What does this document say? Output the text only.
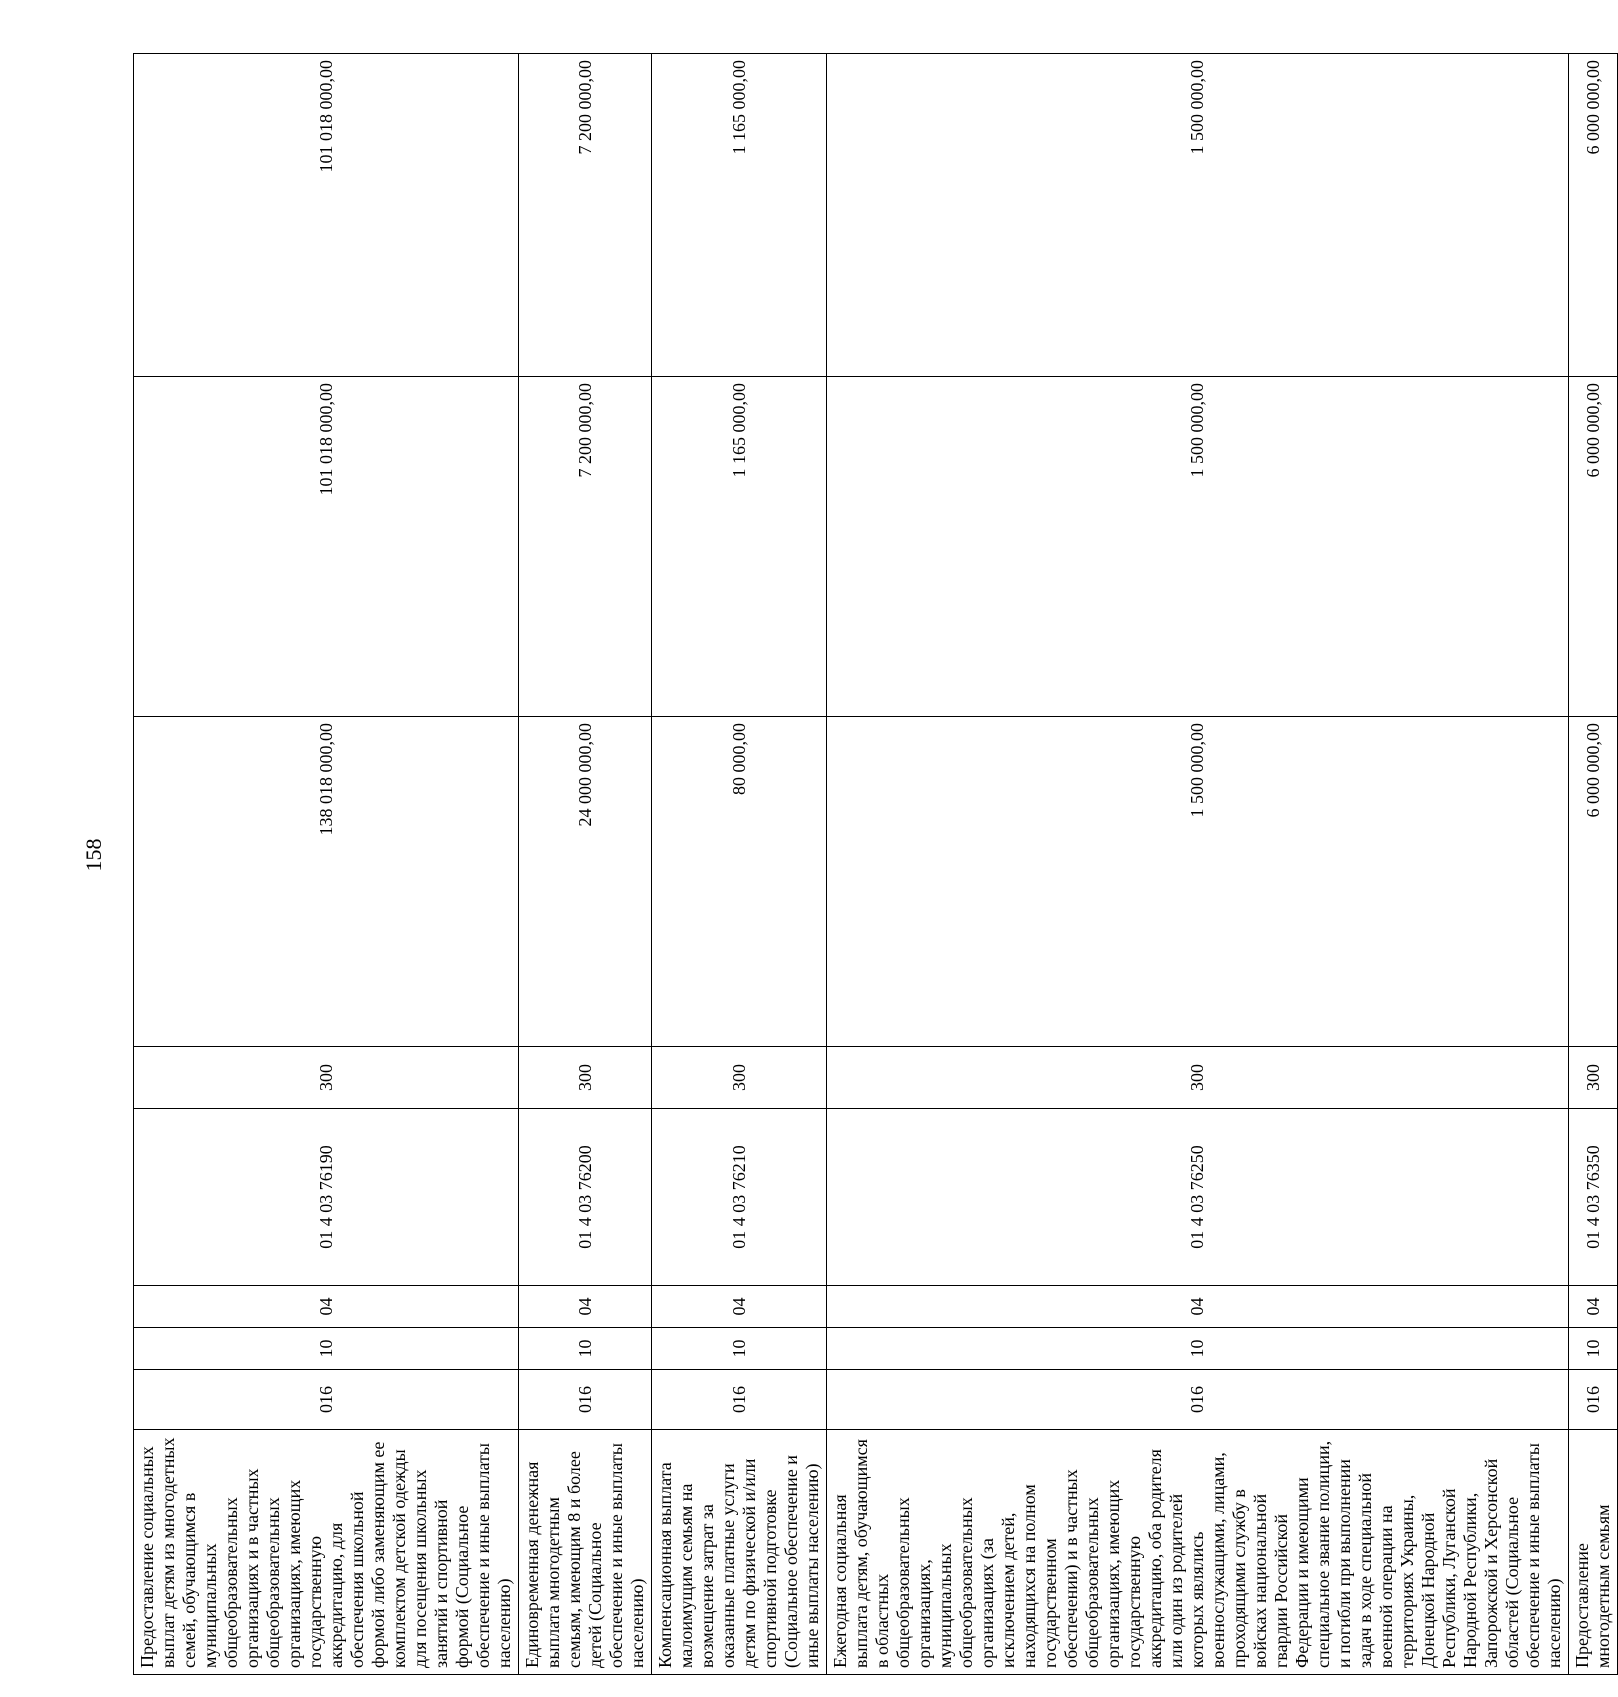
158
Предоставление социальных выплат детям из многодетных семей, обучающимся в муниципальных общеобразовательных организациях и в частных общеобразовательных организациях, имеющих государственную аккредитацию, для обеспечения школьной формой либо заменяющим ее комплектом детской одежды для посещения школьных занятий и спортивной формой (Социальное обеспечение и иные выплаты населению)	016	10	04	01 4 03 76190	300	138 018 000,00	101 018 000,00	101 018 000,00
Единовременная денежная выплата многодетным семьям, имеющим 8 и более детей (Социальное обеспечение и иные выплаты населению)	016	10	04	01 4 03 76200	300	24 000 000,00	7 200 000,00	7 200 000,00
Компенсационная выплата малоимущим семьям на возмещение затрат за оказанные платные услуги детям по физической и/или спортивной подготовке (Социальное обеспечение и иные выплаты населению)	016	10	04	01 4 03 76210	300	80 000,00	1 165 000,00	1 165 000,00
Ежегодная социальная выплата детям, обучающимся в областных общеобразовательных организациях, муниципальных общеобразовательных организациях (за исключением детей, находящихся на полном государственном обеспечении) и в частных общеобразовательных организациях, имеющих государственную аккредитацию, оба родителя или один из родителей которых являлись военнослужащими, лицами, проходящими службу в войсках национальной гвардии Российской Федерации и имеющими специальное звание полиции, и погибли при выполнении задач в ходе специальной военной операции на территориях Украины, Донецкой Народной Республики, Луганской Народной Республики, Запорожской и Херсонской областей (Социальное обеспечение и иные выплаты населению)	016	10	04	01 4 03 76250	300	1 500 000,00	1 500 000,00	1 500 000,00
Предоставление многодетным семьям	016	10	04	01 4 03 76350	300	6 000 000,00	6 000 000,00	6 000 000,00
